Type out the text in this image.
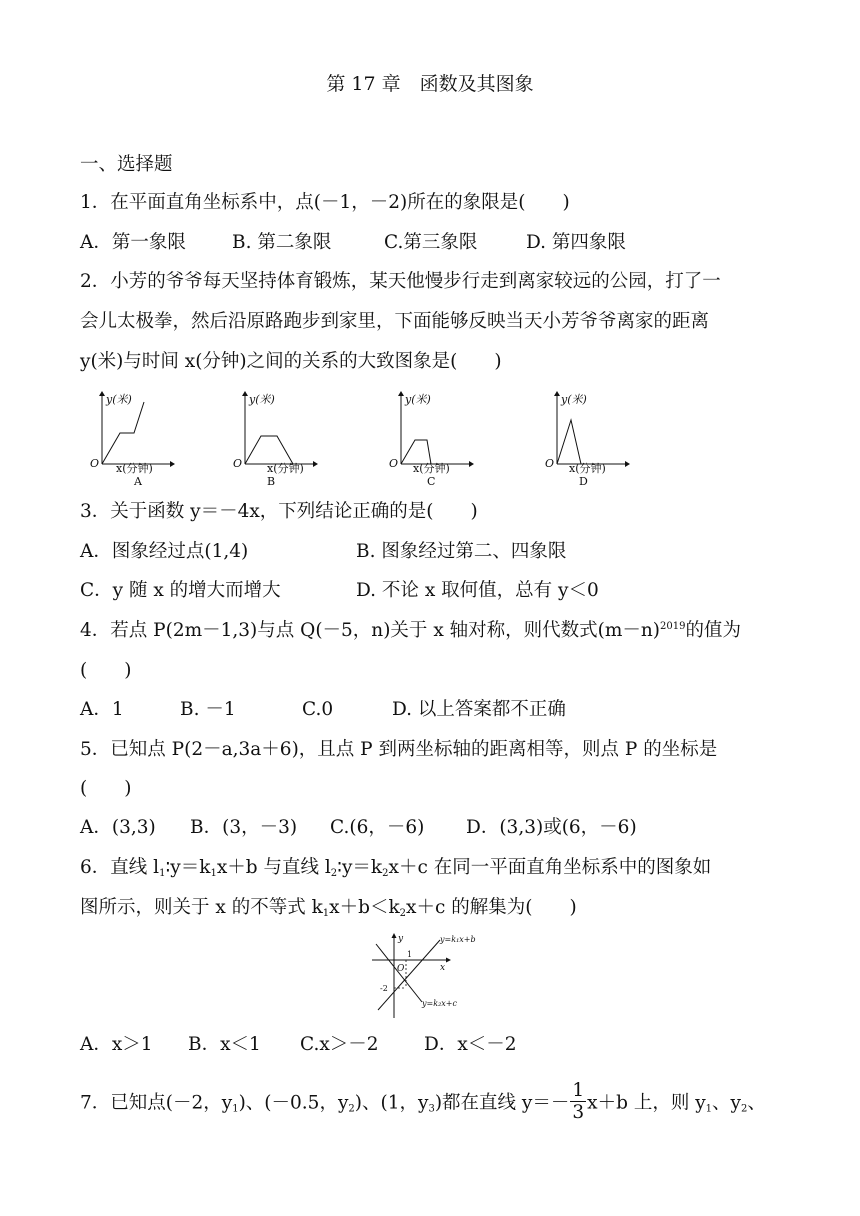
第 17 章　函数及其图象
一、选择题
1．在平面直角坐标系中，点(－1，－2)所在的象限是(　　)
A．第一象限 B. 第二象限	C.第三象限	D. 第四象限
2．小芳的爷爷每天坚持体育锻炼，某天他慢步行走到离家较远的公园，打了一
会儿太极拳，然后沿原路跑步到家里，下面能够反映当天小芳爷爷离家的距离
y(米)与时间 x(分钟)之间的关系的大致图象是(　　)
y(米)
O x(分钟)
A
y(米)
O x(分钟)
B
y(米)
O x(分钟)
C
y(米)
O x(分钟)
D
3．关于函数 y＝－4x，下列结论正确的是(　　)
A．图象经过点(1,4)	B. 图象经过第二、四象限
C．y 随 x 的增大而增大	D. 不论 x 取何值，总有 y＜0
4．若点 P(2m－1,3)与点 Q(－5，n)关于 x 轴对称，则代数式$(m-n)^{2019}$的值为
(　　)
A．1	B. －1	C.0	D. 以上答案都不正确
5．已知点 P(2－a,3a＋6)，且点 P 到两坐标轴的距离相等，则点 P 的坐标是
(　　)
A．(3,3) B．(3，－3) C.(6，－6) D．(3,3)或(6，－6)
6．直线 $l_1∶y=k_1x+b$ 与直线 $l_2∶y=k_2x+c$ 在同一平面直角坐标系中的图象如
图所示，则关于 x 的不等式 $k_1x+b<k_2x+c$ 的解集为(　　)
y
x
O
1
-2
y=k₁x+b
y=k₂x+c
A．x＞1 B．x＜1 C.x＞－2 D．x＜－2
7．已知点(－2，$y_1$)、(－0.5，$y_2$)、(1，$y_3$)都在直线 $y=- \frac{1}{3} x+b$ 上，则 $y_1$、$y_2$、
